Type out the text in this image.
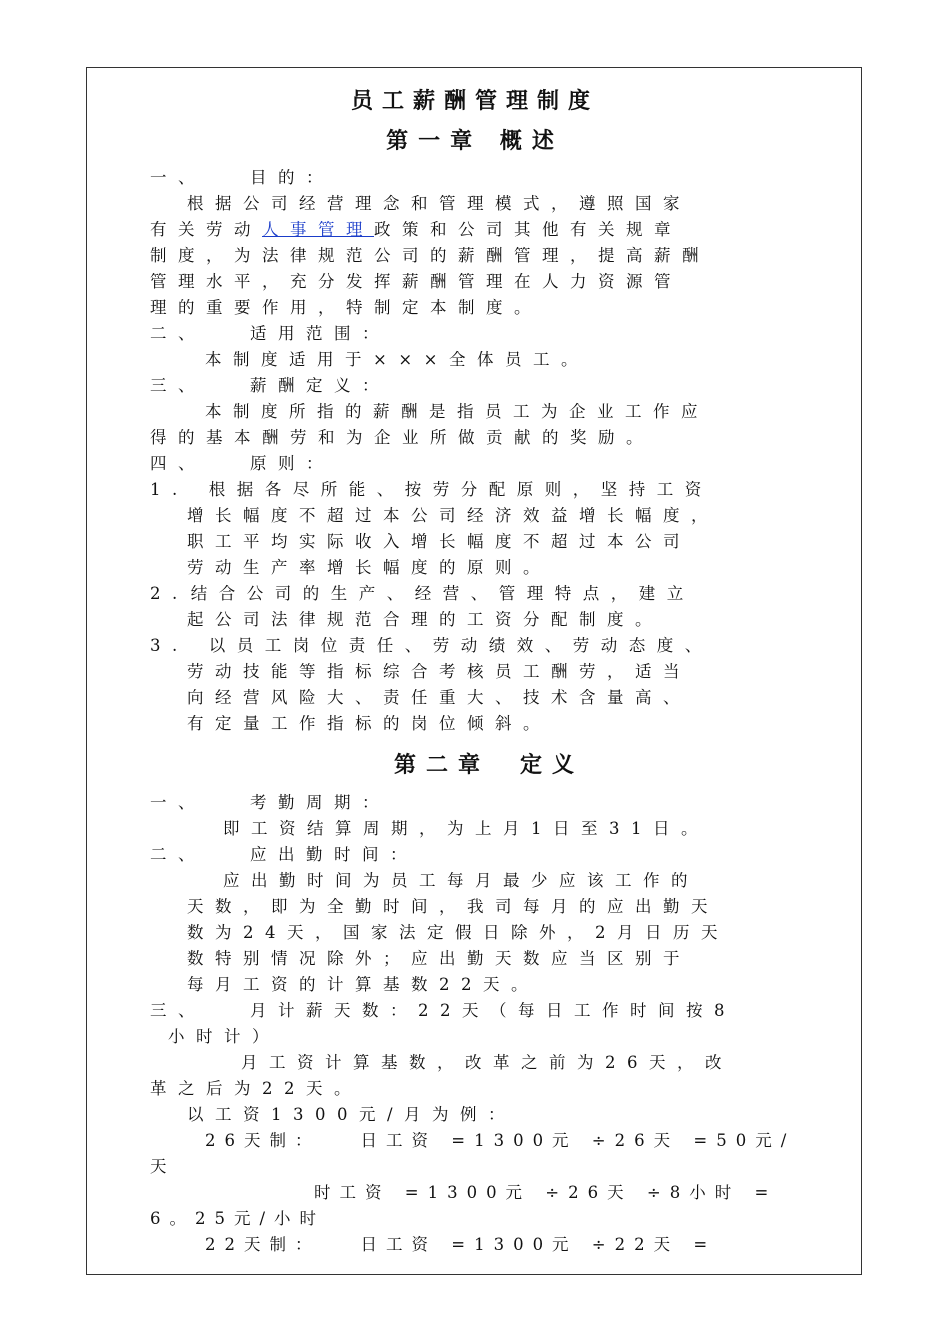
员工薪酬管理制度
第一章 概述
一、	目的：
根据公司经营理念和管理模式，遵照国家
有关劳动人事管理政策和公司其他有关规章
制度，为法律规范公司的薪酬管理，提高薪酬
管理水平，充分发挥薪酬管理在人力资源管
理的重要作用，特制定本制度。
二、	适用范围：
本制度适用于×××全体员工。
三、	薪酬定义：
本制度所指的薪酬是指员工为企业工作应
得的基本酬劳和为企业所做贡献的奖励。
四、	原则：
1. 根据各尽所能、按劳分配原则，坚持工资
增长幅度不超过本公司经济效益增长幅度，
职工平均实际收入增长幅度不超过本公司
劳动生产率增长幅度的原则。
2. 结合公司的生产、经营、管理特点，建立
起公司法律规范合理的工资分配制度。
3. 以员工岗位责任、劳动绩效、劳动态度、
劳动技能等指标综合考核员工酬劳，适当
向经营风险大、责任重大、技术含量高、
有定量工作指标的岗位倾斜。
第二章 定义
一、	考勤周期：
即工资结算周期，为上月1日至31日。
二、	应出勤时间：
应出勤时间为员工每月最少应该工作的
天数，即为全勤时间，我司每月的应出勤天
数为24天，国家法定假日除外，2月日历天
数特别情况除外；应出勤天数应当区别于
每月工资的计算基数22天。
三、	月计薪天数：22天（每日工作时间按8
小时计）
月工资计算基数，改革之前为26天，改
革之后为22天。
以工资1300元/月为例：
26天制： 日工资 =1300元 ÷26天 =50元/
天
时工资 =1300元 ÷26天 ÷8小时 =
6。25元/小时
22天制： 日工资 =1300元 ÷22天 =
